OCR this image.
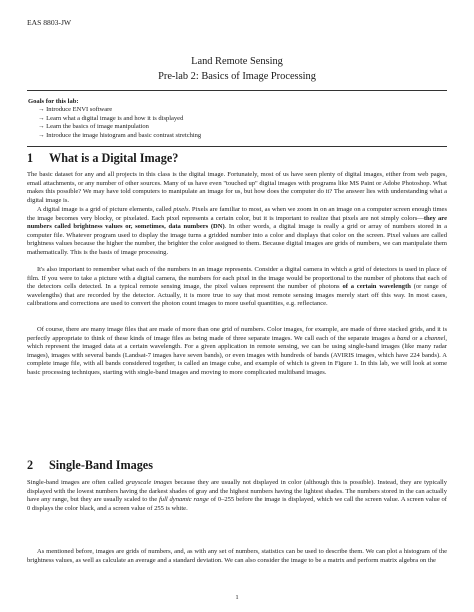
EAS 8803-JW
Land Remote Sensing
Pre-lab 2: Basics of Image Processing
Goals for this lab:
→ Introduce ENVI software
→ Learn what a digital image is and how it is displayed
→ Learn the basics of image manipulation
→ Introduce the image histogram and basic contrast stretching
1 What is a Digital Image?

The basic dataset for any and all projects in this class is the digital image. Fortunately, most of us have seen plenty of digital images, either from web pages, email attachments, or any number of other sources. Many of us have even "touched up" digital images with programs like MS Paint or Adobe Photoshop. What makes this possible? We may have told computers to manipulate an image for us, but how does the computer do it? The answer lies with understanding what a digital image is.

A digital image is a grid of picture elements, called pixels. Pixels are familiar to most, as when we zoom in on an image on a computer screen enough times the image becomes very blocky, or pixelated. Each pixel represents a certain color, but it is important to realize that pixels are not simply colors—they are numbers called brightness values or, sometimes, data numbers (DN). In other words, a digital image is really a grid or array of numbers stored in a computer file. Whatever program used to display the image turns a gridded number into a color and displays that color on the screen. Pixel values are called brightness values because the higher the number, the brighter the color assigned to them. Because digital images are grids of numbers, we can manipulate them mathematically. This is the basis of image processing.

It's also important to remember what each of the numbers in an image represents. Consider a digital camera in which a grid of detectors is used in place of film. If you were to take a picture with a digital camera, the numbers for each pixel in the image would be proportional to the number of photons that each of the detectors cells detected. In a typical remote sensing image, the pixel values represent the number of photons of a certain wavelength (or range of wavelengths) that are recorded by the detector. Actually, it is more true to say that most remote sensing images merely start off this way. In most cases, calibrations and corrections are used to convert the photon count images to more useful quantities, e.g. reflectance.

Of course, there are many image files that are made of more than one grid of numbers. Color images, for example, are made of three stacked grids, and it is perfectly appropriate to think of these kinds of image files as being made of three separate images. We call each of the separate images a band or a channel, which represent the imaged data at a certain wavelength. For a given application in remote sensing, we can be using single-band images (like many radar images), images with several bands (Landsat-7 images have seven bands), or even images with hundreds of bands (AVIRIS images, which have 224 bands). A complete image file, with all bands considered together, is called an image cube, and example of which is given in Figure 1. In this lab, we will look at some basic processing techniques, starting with single-band images and moving to more complicated multiband images.

2 Single-Band Images

Single-band images are often called grayscale images because they are usually not displayed in color (although this is possible). Instead, they are typically displayed with the lowest numbers having the darkest shades of gray and the highest numbers having the lightest shades. The numbers stored in the can actually have any range, but they are usually scaled to the full dynamic range of 0–255 before the image is displayed, which we call the screen value. A screen value of 0 displays the color black, and a screen value of 255 is white.

As mentioned before, images are grids of numbers, and, as with any set of numbers, statistics can be used to describe them. We can plot a histogram of the brightness values, as well as calculate an average and a standard deviation. We can also consider the image to be a matrix and perform matrix algebra on the

1
